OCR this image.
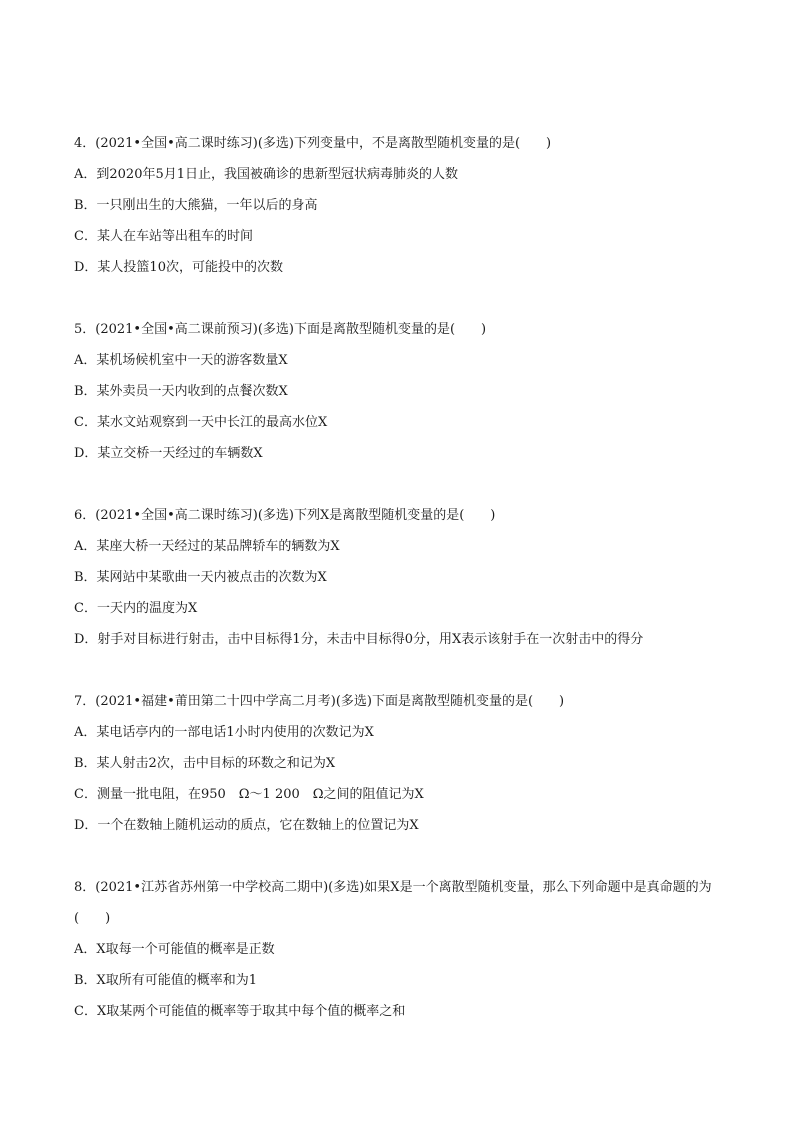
4．(2021•全国•高二课时练习)(多选)下列变量中，不是离散型随机变量的是(　　)
A．到2020年5月1日止，我国被确诊的患新型冠状病毒肺炎的人数
B．一只刚出生的大熊猫，一年以后的身高
C．某人在车站等出租车的时间
D．某人投篮10次，可能投中的次数
5．(2021•全国•高二课前预习)(多选)下面是离散型随机变量的是(　　)
A．某机场候机室中一天的游客数量X
B．某外卖员一天内收到的点餐次数X
C．某水文站观察到一天中长江的最高水位X
D．某立交桥一天经过的车辆数X
6．(2021•全国•高二课时练习)(多选)下列X是离散型随机变量的是(　　)
A．某座大桥一天经过的某品牌轿车的辆数为X
B．某网站中某歌曲一天内被点击的次数为X
C．一天内的温度为X
D．射手对目标进行射击，击中目标得1分，未击中目标得0分，用X表示该射手在一次射击中的得分
7．(2021•福建•莆田第二十四中学高二月考)(多选)下面是离散型随机变量的是(　　)
A．某电话亭内的一部电话1小时内使用的次数记为X
B．某人射击2次，击中目标的环数之和记为X
C．测量一批电阻，在950　Ω～1 200　Ω之间的阻值记为X
D．一个在数轴上随机运动的质点，它在数轴上的位置记为X
8．(2021•江苏省苏州第一中学校高二期中)(多选)如果X是一个离散型随机变量，那么下列命题中是真命题的为(　　)
A．X取每一个可能值的概率是正数
B．X取所有可能值的概率和为1
C．X取某两个可能值的概率等于取其中每个值的概率之和
